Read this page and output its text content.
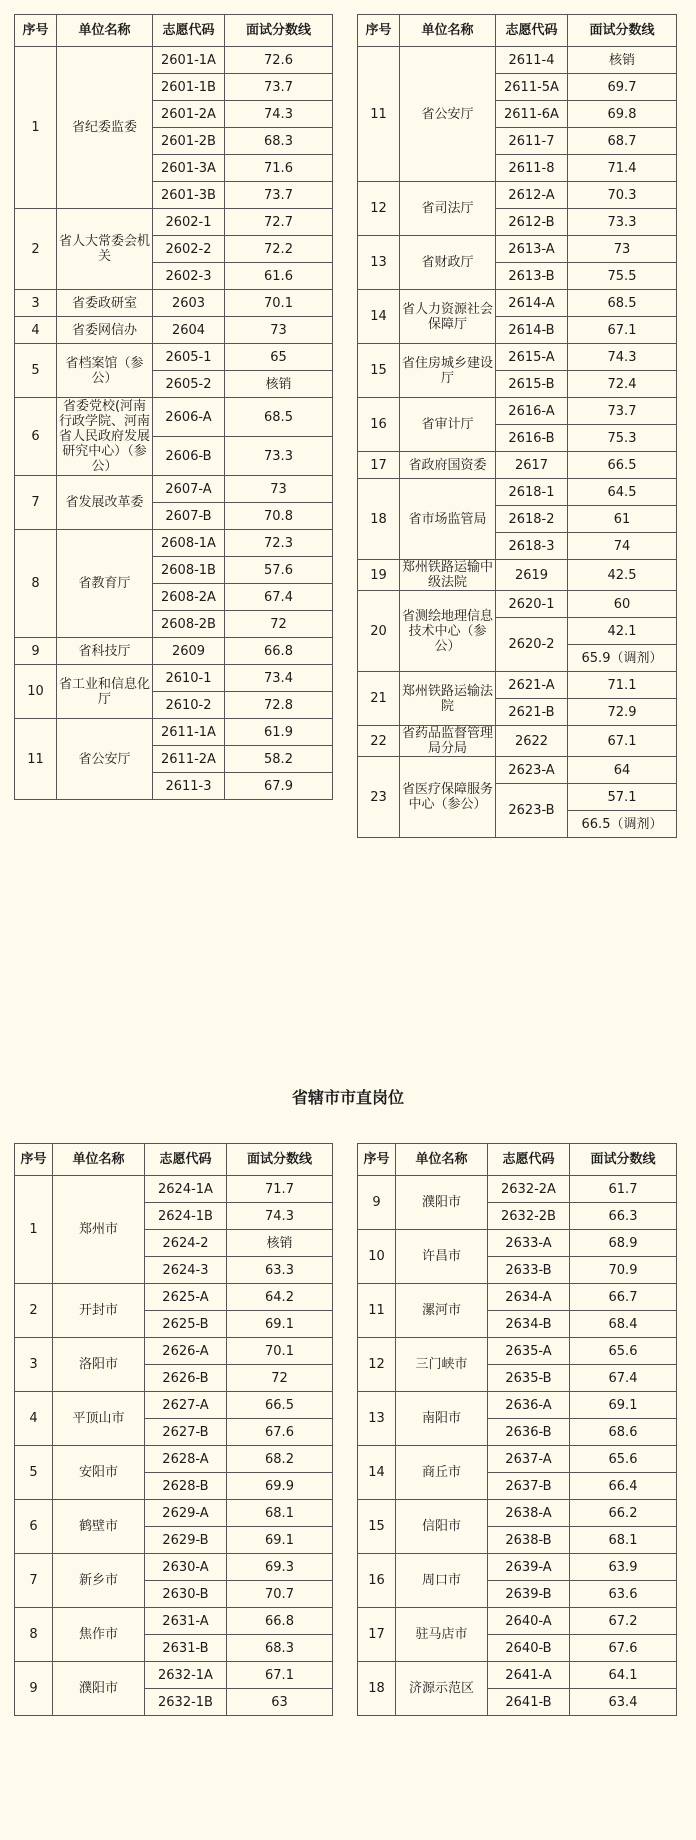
序号	单位名称	志愿代码	面试分数线
1	省纪委监委	2601-1A	72.6
		2601-1B	73.7
		2601-2A	74.3
		2601-2B	68.3
		2601-3A	71.6
		2601-3B	73.7
2	省人大常委会机关	2602-1	72.7
		2602-2	72.2
		2602-3	61.6
3	省委政研室	2603	70.1
4	省委网信办	2604	73
5	省档案馆（参公）	2605-1	65
		2605-2	核销
6	省委党校(河南行政学院、河南省人民政府发展研究中心）（参公）	2606-A	68.5
		2606-B	73.3
7	省发展改革委	2607-A	73
		2607-B	70.8
8	省教育厅	2608-1A	72.3
		2608-1B	57.6
		2608-2A	67.4
		2608-2B	72
9	省科技厅	2609	66.8
10	省工业和信息化厅	2610-1	73.4
		2610-2	72.8
11	省公安厅	2611-1A	61.9
		2611-2A	58.2
		2611-3	67.9
序号	单位名称	志愿代码	面试分数线
11	省公安厅	2611-4	核销
		2611-5A	69.7
		2611-6A	69.8
		2611-7	68.7
		2611-8	71.4
12	省司法厅	2612-A	70.3
		2612-B	73.3
13	省财政厅	2613-A	73
		2613-B	75.5
14	省人力资源社会保障厅	2614-A	68.5
		2614-B	67.1
15	省住房城乡建设厅	2615-A	74.3
		2615-B	72.4
16	省审计厅	2616-A	73.7
		2616-B	75.3
17	省政府国资委	2617	66.5
18	省市场监管局	2618-1	64.5
		2618-2	61
		2618-3	74
19	郑州铁路运输中级法院	2619	42.5
20	省测绘地理信息技术中心（参公）	2620-1	60
		2620-2	42.1
			65.9（调剂）
21	郑州铁路运输法院	2621-A	71.1
		2621-B	72.9
22	省药品监督管理局分局	2622	67.1
23	省医疗保障服务中心（参公）	2623-A	64
		2623-B	57.1
			66.5（调剂）
省辖市市直岗位
序号	单位名称	志愿代码	面试分数线
1	郑州市	2624-1A	71.7
		2624-1B	74.3
		2624-2	核销
		2624-3	63.3
2	开封市	2625-A	64.2
		2625-B	69.1
3	洛阳市	2626-A	70.1
		2626-B	72
4	平顶山市	2627-A	66.5
		2627-B	67.6
5	安阳市	2628-A	68.2
		2628-B	69.9
6	鹤壁市	2629-A	68.1
		2629-B	69.1
7	新乡市	2630-A	69.3
		2630-B	70.7
8	焦作市	2631-A	66.8
		2631-B	68.3
9	濮阳市	2632-1A	67.1
		2632-1B	63
序号	单位名称	志愿代码	面试分数线
9	濮阳市	2632-2A	61.7
		2632-2B	66.3
10	许昌市	2633-A	68.9
		2633-B	70.9
11	漯河市	2634-A	66.7
		2634-B	68.4
12	三门峡市	2635-A	65.6
		2635-B	67.4
13	南阳市	2636-A	69.1
		2636-B	68.6
14	商丘市	2637-A	65.6
		2637-B	66.4
15	信阳市	2638-A	66.2
		2638-B	68.1
16	周口市	2639-A	63.9
		2639-B	63.6
17	驻马店市	2640-A	67.2
		2640-B	67.6
18	济源示范区	2641-A	64.1
		2641-B	63.4
